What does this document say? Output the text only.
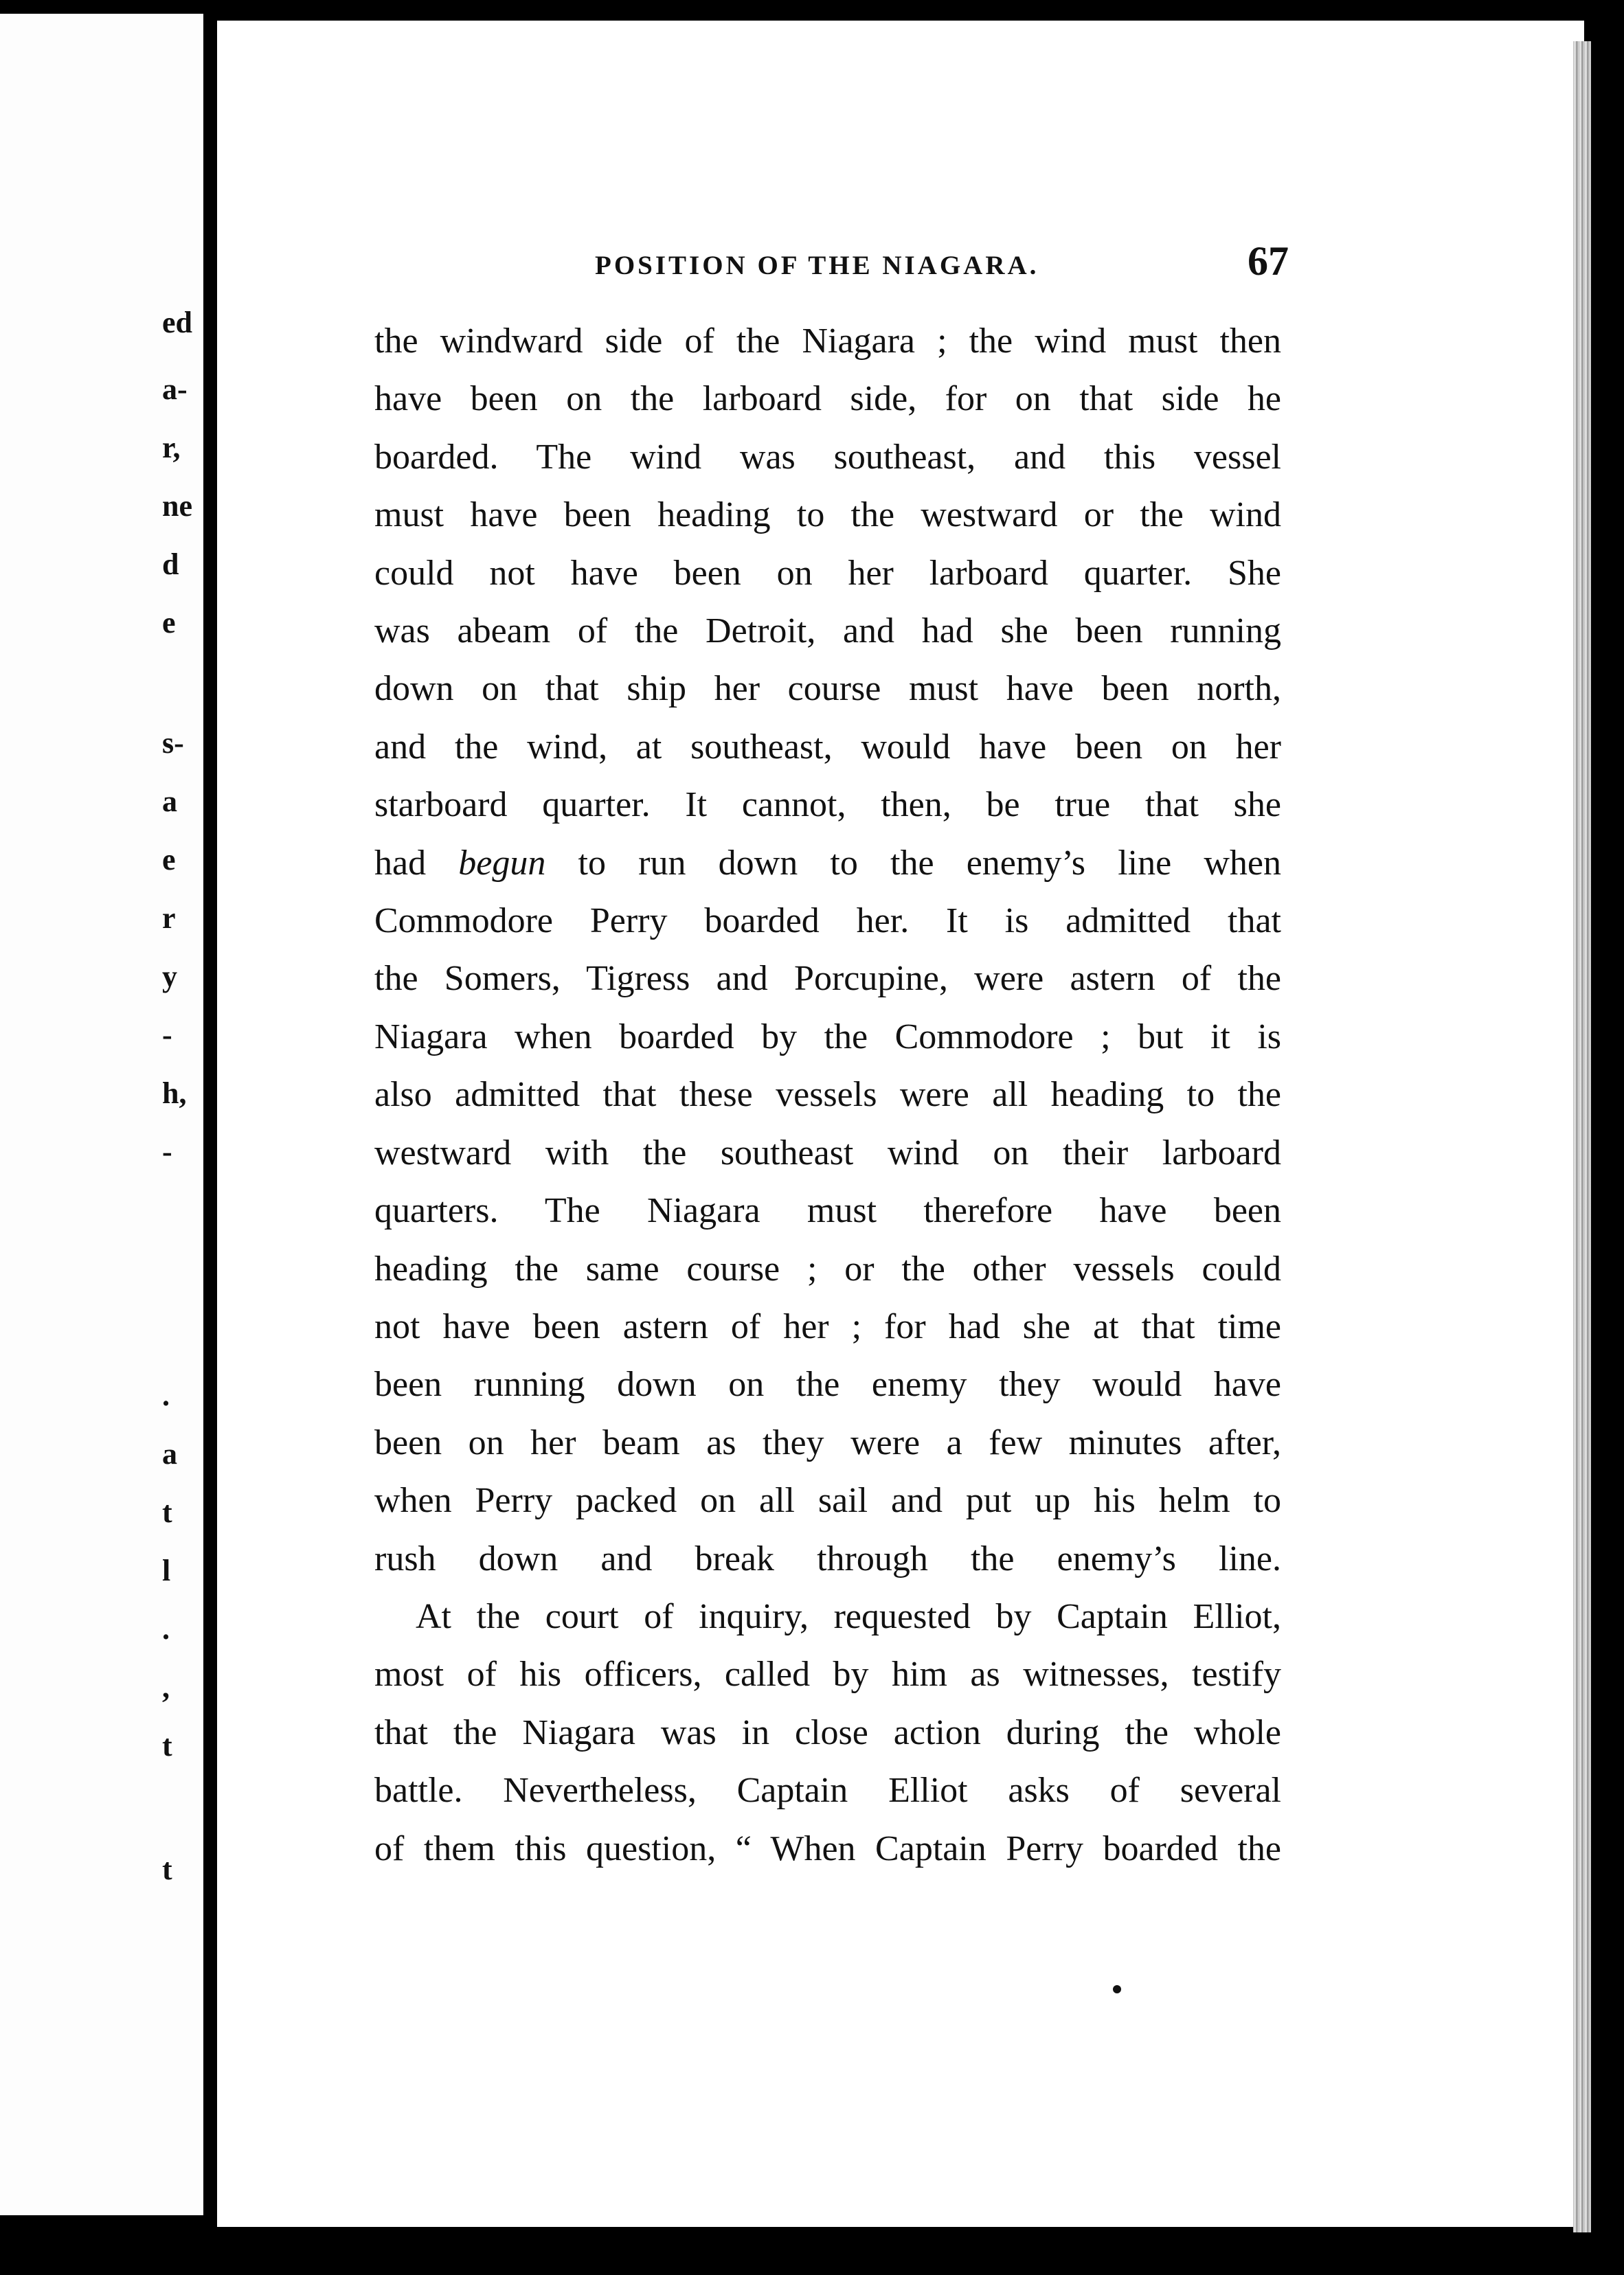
ed
a-
r,
ne
d
e
s-
a
e
r
y
-
h,
-
.
a
t
l
.
,
t
t
POSITION OF THE NIAGARA.	67

the windward side of the Niagara ; the wind must then
have been on the larboard side, for on that side he
boarded. The wind was southeast, and this vessel
must have been heading to the westward or the wind
could not have been on her larboard quarter. She
was abeam of the Detroit, and had she been running
down on that ship her course must have been north,
and the wind, at southeast, would have been on her
starboard quarter. It cannot, then, be true that she
had begun to run down to the enemy’s line when
Commodore Perry boarded her. It is admitted that
the Somers, Tigress and Porcupine, were astern of the
Niagara when boarded by the Commodore ; but it is
also admitted that these vessels were all heading to the
westward with the southeast wind on their larboard
quarters. The Niagara must therefore have been
heading the same course ; or the other vessels could
not have been astern of her ; for had she at that time
been running down on the enemy they would have
been on her beam as they were a few minutes after,
when Perry packed on all sail and put up his helm to
rush down and break through the enemy’s line.

At the court of inquiry, requested by Captain Elliot,
most of his officers, called by him as witnesses, testify
that the Niagara was in close action during the whole
battle. Nevertheless, Captain Elliot asks of several
of them this question, “ When Captain Perry boarded the
